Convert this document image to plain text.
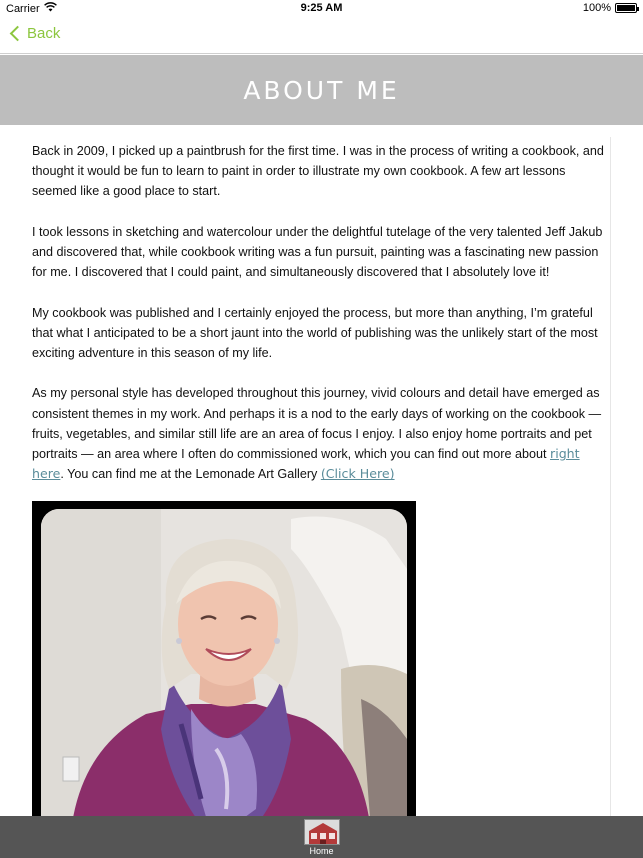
Carrier	9:25 AM	100%
Back
ABOUT ME

Back in 2009, I picked up a paintbrush for the first time. I was in the process of writing a cookbook, and thought it would be fun to learn to paint in order to illustrate my own cookbook. A few art lessons seemed like a good place to start.

I took lessons in sketching and watercolour under the delightful tutelage of the very talented Jeff Jakub and discovered that, while cookbook writing was a fun pursuit, painting was a fascinating new passion for me. I discovered that I could paint, and simultaneously discovered that I absolutely love it!

My cookbook was published and I certainly enjoyed the process, but more than anything, I’m grateful that what I anticipated to be a short jaunt into the world of publishing was the unlikely start of the most exciting adventure in this season of my life.

As my personal style has developed throughout this journey, vivid colours and detail have emerged as consistent themes in my work. And perhaps it is a nod to the early days of working on the cookbook — fruits, vegetables, and similar still life are an area of focus I enjoy. I also enjoy home portraits and pet portraits — an area where I often do commissioned work, which you can find out more about right here. You can find me at the Lemonade Art Gallery (Click Here)

Home
